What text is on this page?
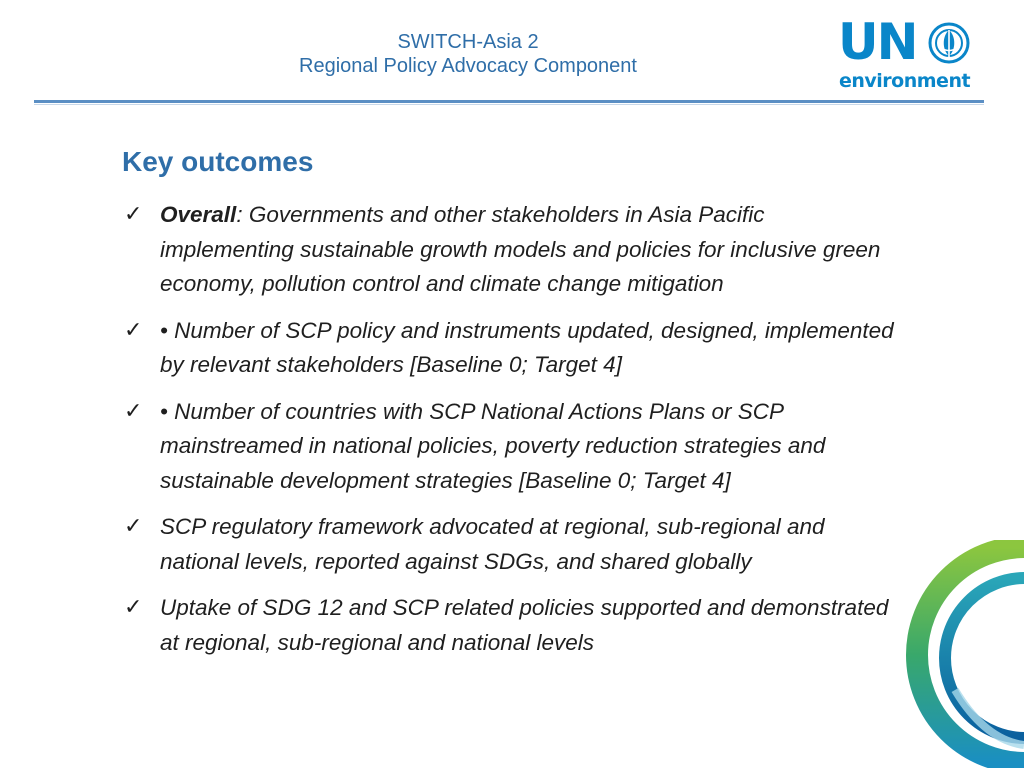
SWITCH-Asia 2
Regional Policy Advocacy Component	UN
environment
Key outcomes
✓ Overall: Governments and other stakeholders in Asia Pacific implementing sustainable growth models and policies for inclusive green economy, pollution control and climate change mitigation
✓ • Number of SCP policy and instruments updated, designed, implemented by relevant stakeholders [Baseline 0; Target 4]
✓ • Number of countries with SCP National Actions Plans or SCP mainstreamed in national policies, poverty reduction strategies and sustainable development strategies [Baseline 0; Target 4]
✓ SCP regulatory framework advocated at regional, sub-regional and national levels, reported against SDGs, and shared globally
✓ Uptake of SDG 12 and SCP related policies supported and demonstrated at regional, sub-regional and national levels
